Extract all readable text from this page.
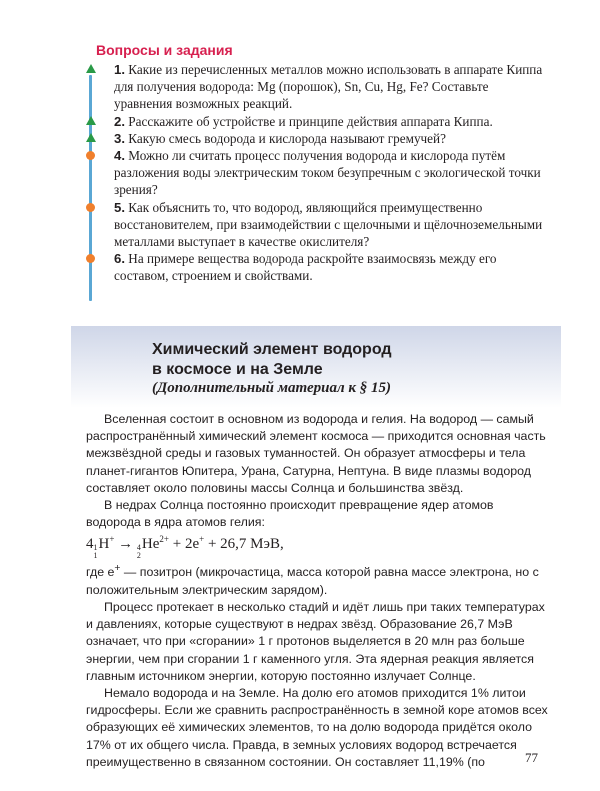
Вопросы и задания

1. Какие из перечисленных металлов можно использовать в аппарате Киппа для получения водорода: Mg (порошок), Sn, Cu, Hg, Fe? Составьте уравнения возможных реакций.

2. Расскажите об устройстве и принципе действия аппарата Киппа.

3. Какую смесь водорода и кислорода называют гремучей?

4. Можно ли считать процесс получения водорода и кислорода путём разложения воды электрическим током безупречным с экологической точки зрения?

5. Как объяснить то, что водород, являющийся преимущественно восстановителем, при взаимодействии с щелочными и щёлочноземельными металлами выступает в качестве окислителя?

6. На примере вещества водорода раскройте взаимосвязь между его составом, строением и свойствами.

Химический элемент водород
в космосе и на Земле
(Дополнительный материал к § 15)

Вселенная состоит в основном из водорода и гелия. На водород — самый распространённый химический элемент космоса — приходится основная часть межзвёздной среды и газовых туманностей. Он образует атмосферы и тела планет-гигантов Юпитера, Урана, Сатурна, Нептуна. В виде плазмы водород составляет около половины массы Солнца и большинства звёзд.

В недрах Солнца постоянно происходит превращение ядер атомов водорода в ядра атомов гелия:

4 1
1
H+ → 4
2
$He^{2+} + 2e^+ + 26,7$ МэВ,

где e+ — позитрон (микрочастица, масса которой равна массе электрона, но с положительным электрическим зарядом).

Процесс протекает в несколько стадий и идёт лишь при таких температурах и давлениях, которые существуют в недрах звёзд. Образование 26,7 МэВ означает, что при «сгорании» 1 г протонов выделяется в 20 млн раз больше энергии, чем при сгорании 1 г каменного угля. Эта ядерная реакция является главным источником энергии, которую постоянно излучает Солнце.

Немало водорода и на Земле. На долю его атомов приходится 1% литои гидросферы. Если же сравнить распространённость в земной коре атомов всех образующих её химических элементов, то на долю водорода придётся около 17% от их общего числа. Правда, в земных условиях водород встречается преимущественно в связанном состоянии. Он составляет 11,19% (по	77
